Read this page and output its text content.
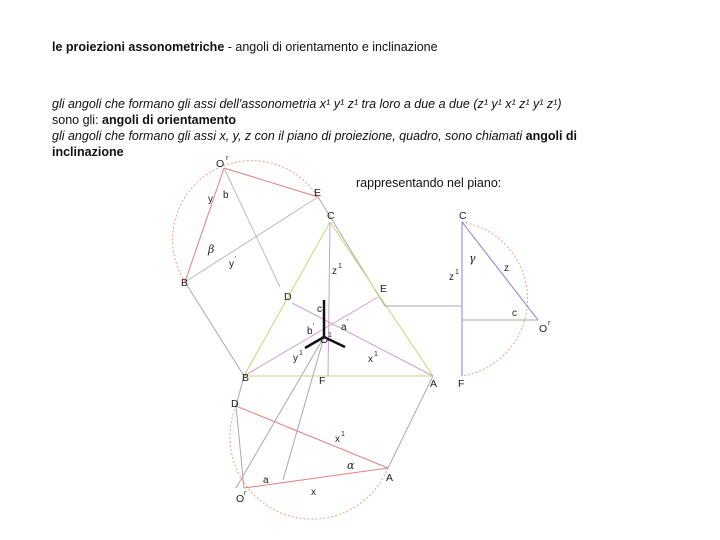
le proiezioni assonometriche - angoli di orientamento e inclinazione
gli angoli che formano gli assi dell'assonometria x¹ y¹ z¹ tra loro a due a due (z¹ y¹ x¹ z¹ y¹ z¹)
sono gli: angoli di orientamento
gli angoli che formano gli assi x, y, z con il piano di proiezione, quadro, sono chiamati angoli di
inclinazione
rappresentando nel piano:
O r
y b	E
β
y '
B
C
z 1
D
E
c '
b '	a '
O 1
y 1
x 1
B	F	A
C
z 1
γ
z
c
O r
F
D
x 1
α
a	A
x
O r
